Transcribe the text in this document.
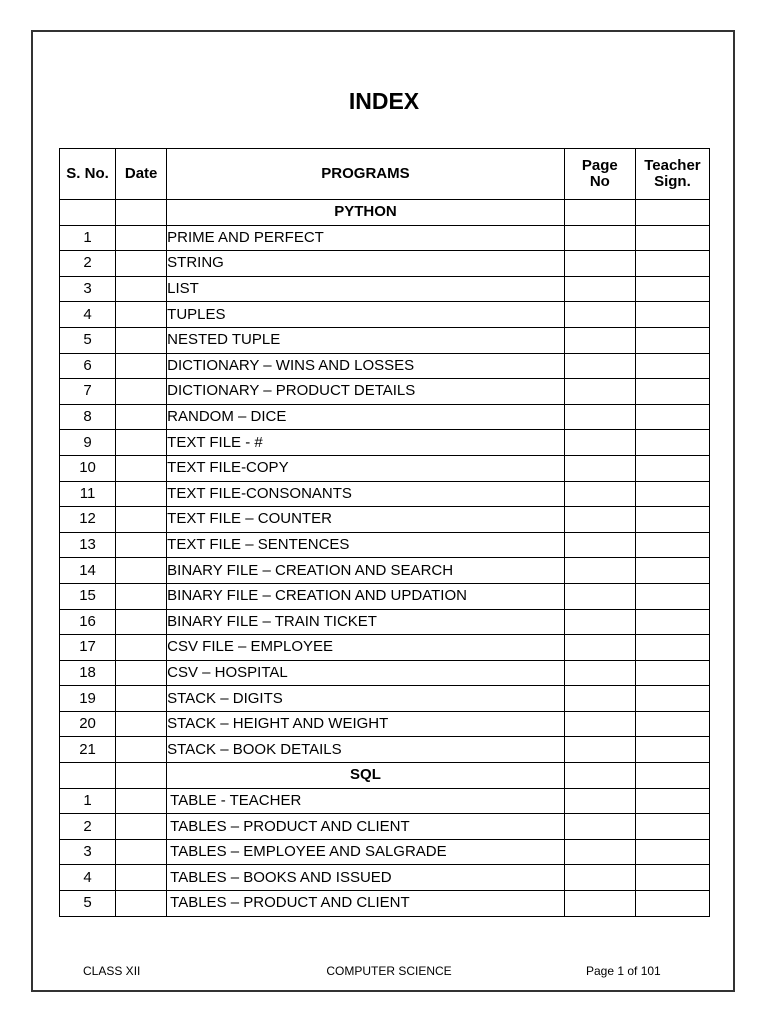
INDEX
S. No.	Date	PROGRAMS	Page No	Teacher Sign.
		PYTHON		
1		PRIME AND PERFECT		
2		STRING		
3		LIST		
4		TUPLES		
5		NESTED TUPLE		
6		DICTIONARY – WINS AND LOSSES		
7		DICTIONARY – PRODUCT DETAILS		
8		RANDOM – DICE		
9		TEXT FILE - #		
10		TEXT FILE-COPY		
11		TEXT FILE-CONSONANTS		
12		TEXT FILE – COUNTER		
13		TEXT FILE – SENTENCES		
14		BINARY FILE – CREATION AND SEARCH		
15		BINARY FILE – CREATION AND UPDATION		
16		BINARY FILE – TRAIN TICKET		
17		CSV FILE – EMPLOYEE		
18		CSV – HOSPITAL		
19		STACK – DIGITS		
20		STACK – HEIGHT AND WEIGHT		
21		STACK – BOOK DETAILS		
		SQL		
1		TABLE - TEACHER		
2		TABLES – PRODUCT AND CLIENT		
3		TABLES – EMPLOYEE AND SALGRADE		
4		TABLES – BOOKS AND ISSUED		
5		TABLES – PRODUCT AND CLIENT		
CLASS XII	COMPUTER SCIENCE	Page 1 of 101
